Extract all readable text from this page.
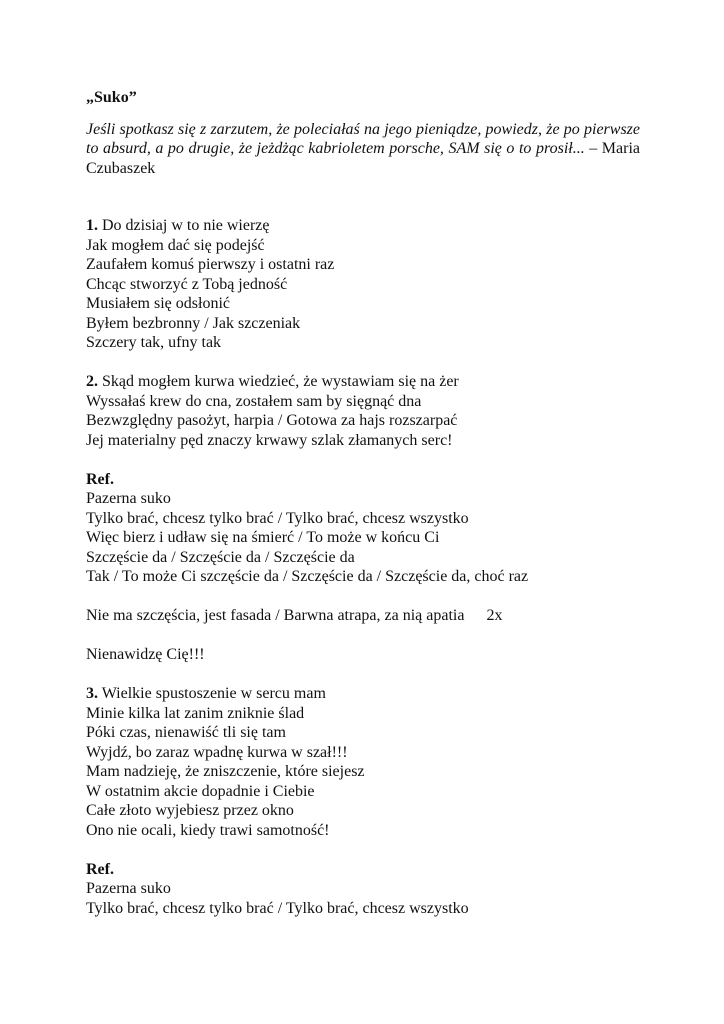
„Suko”
Jeśli spotkasz się z zarzutem, że poleciałaś na jego pieniądze, powiedz, że po pierwsze to absurd, a po drugie, że jeżdżąc kabrioletem porsche, SAM się o to prosił... – Maria Czubaszek
1. Do dzisiaj w to nie wierzę
Jak mogłem dać się podejść
Zaufałem komuś pierwszy i ostatni raz
Chcąc stworzyć z Tobą jedność
Musiałem się odsłonić
Byłem bezbronny / Jak szczeniak
Szczery tak, ufny tak
2. Skąd mogłem kurwa wiedzieć, że wystawiam się na żer
Wyssałaś krew do cna, zostałem sam by sięgnąć dna
Bezwzględny pasożyt, harpia / Gotowa za hajs rozszarpać
Jej materialny pęd znaczy krwawy szlak złamanych serc!
Ref.
Pazerna suko
Tylko brać, chcesz tylko brać / Tylko brać, chcesz wszystko
Więc bierz i udław się na śmierć / To może w końcu Ci
Szczęście da / Szczęście da / Szczęście da
Tak / To może Ci szczęście da / Szczęście da / Szczęście da, choć raz
Nie ma szczęścia, jest fasada / Barwna atrapa, za nią apatia 2x
Nienawidzę Cię!!!
3. Wielkie spustoszenie w sercu mam
Minie kilka lat zanim zniknie ślad
Póki czas, nienawiść tli się tam
Wyjdź, bo zaraz wpadnę kurwa w szał!!!
Mam nadzieję, że zniszczenie, które siejesz
W ostatnim akcie dopadnie i Ciebie
Całe złoto wyjebiesz przez okno
Ono nie ocali, kiedy trawi samotność!
Ref.
Pazerna suko
Tylko brać, chcesz tylko brać / Tylko brać, chcesz wszystko
